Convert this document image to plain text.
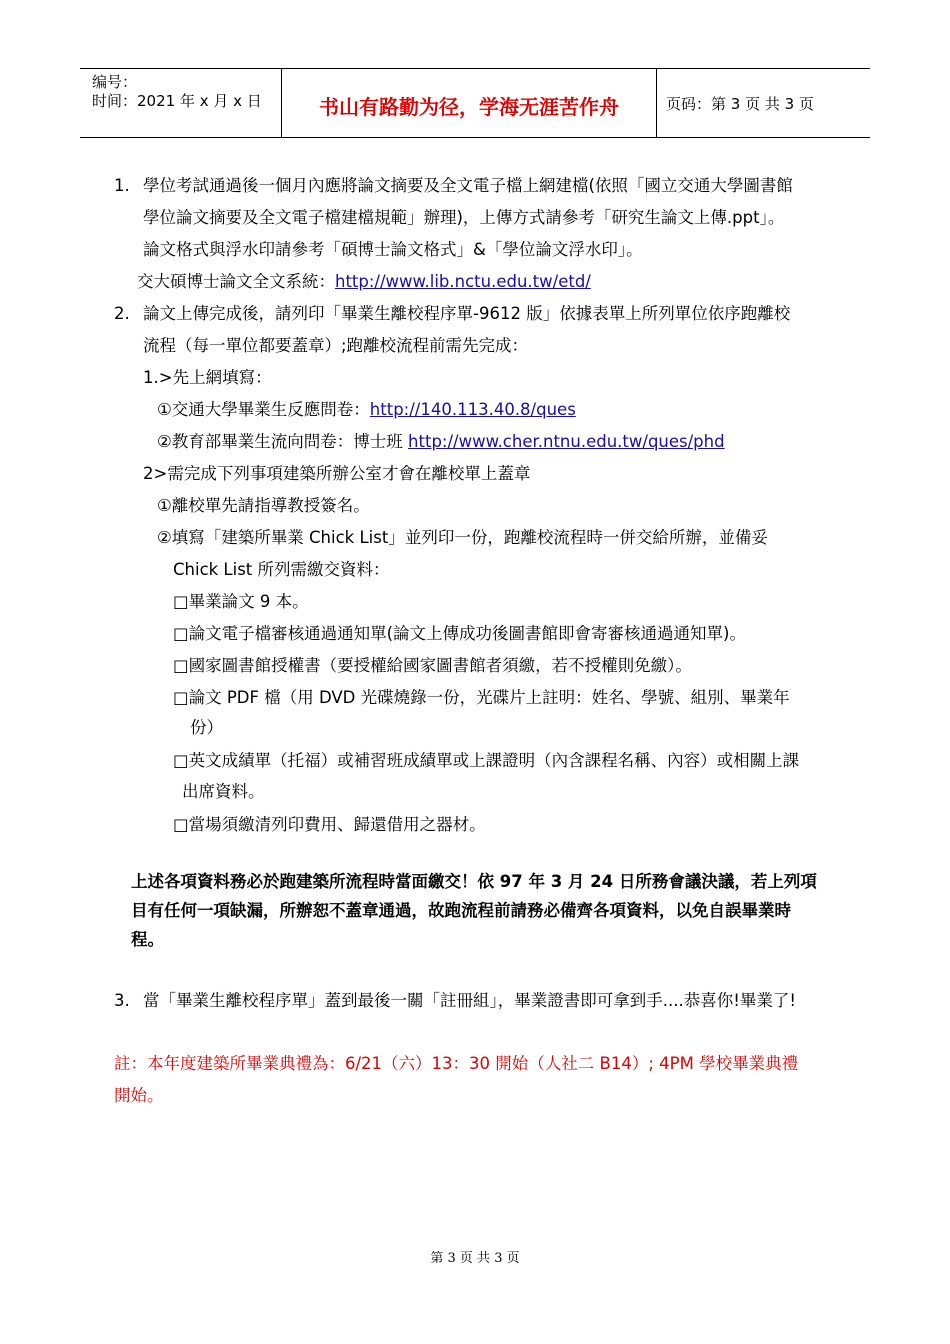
编号：
时间：2021 年 x 月 x 日	书山有路勤为径，学海无涯苦作舟	页码：第 3 页 共 3 页
1. 學位考試通過後一個月內應將論文摘要及全文電子檔上網建檔(依照「國立交通大學圖書館
學位論文摘要及全文電子檔建檔規範」辦理)，上傳方式請參考「研究生論文上傳.ppt」。
論文格式與浮水印請參考「碩博士論文格式」&「學位論文浮水印」。
交大碩博士論文全文系統：http://www.lib.nctu.edu.tw/etd/
2. 論文上傳完成後，請列印「畢業生離校程序單-9612 版」依據表單上所列單位依序跑離校
流程（每一單位都要蓋章）;跑離校流程前需先完成：
1.>先上網填寫：
①交通大學畢業生反應問卷：http://140.113.40.8/ques
②教育部畢業生流向問卷：博士班 http://www.cher.ntnu.edu.tw/ques/phd
2>需完成下列事項建築所辦公室才會在離校單上蓋章
①離校單先請指導教授簽名。
②填寫「建築所畢業 Chick List」並列印一份，跑離校流程時一併交給所辦，並備妥
Chick List 所列需繳交資料：
□畢業論文 9 本。
□論文電子檔審核通過通知單(論文上傳成功後圖書館即會寄審核通過通知單)。
□國家圖書館授權書（要授權給國家圖書館者須繳，若不授權則免繳）。
□論文 PDF 檔（用 DVD 光碟燒錄一份，光碟片上註明：姓名、學號、組別、畢業年
份）
□英文成績單（托福）或補習班成績單或上課證明（內含課程名稱、內容）或相關上課
出席資料。
□當場須繳清列印費用、歸還借用之器材。
上述各項資料務必於跑建築所流程時當面繳交！依 97 年 3 月 24 日所務會議決議，若上列項
目有任何一項缺漏，所辦恕不蓋章通過，故跑流程前請務必備齊各項資料，以免自誤畢業時
程。
3. 當「畢業生離校程序單」蓋到最後一關「註冊組」，畢業證書即可拿到手....恭喜你!畢業了!
註：本年度建築所畢業典禮為：6/21（六）13：30 開始（人社二 B14）; 4PM 學校畢業典禮
開始。
第 3 页 共 3 页
